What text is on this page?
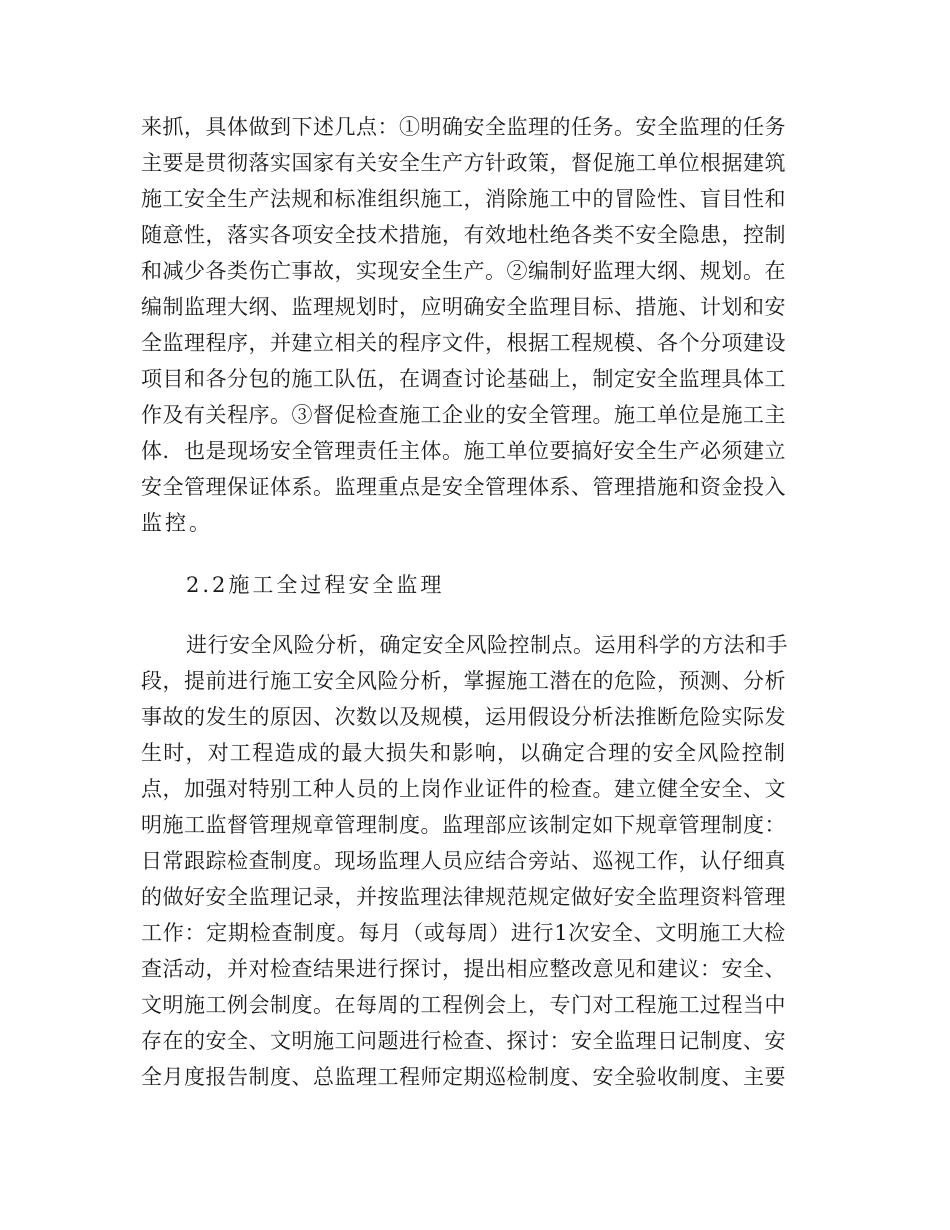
来抓，具体做到下述几点：①明确安全监理的任务。安全监理的任务
主要是贯彻落实国家有关安全生产方针政策，督促施工单位根据建筑
施工安全生产法规和标准组织施工，消除施工中的冒险性、盲目性和
随意性，落实各项安全技术措施，有效地杜绝各类不安全隐患，控制
和减少各类伤亡事故，实现安全生产。②编制好监理大纲、规划。在
编制监理大纲、监理规划时，应明确安全监理目标、措施、计划和安
全监理程序，并建立相关的程序文件，根据工程规模、各个分项建设
项目和各分包的施工队伍，在调查讨论基础上，制定安全监理具体工
作及有关程序。③督促检查施工企业的安全管理。施工单位是施工主
体．也是现场安全管理责任主体。施工单位要搞好安全生产必须建立
安全管理保证体系。监理重点是安全管理体系、管理措施和资金投入
监控。
2.2施工全过程安全监理
进行安全风险分析，确定安全风险控制点。运用科学的方法和手
段，提前进行施工安全风险分析，掌握施工潜在的危险，预测、分析
事故的发生的原因、次数以及规模，运用假设分析法推断危险实际发
生时，对工程造成的最大损失和影响，以确定合理的安全风险控制
点，加强对特别工种人员的上岗作业证件的检查。建立健全安全、文
明施工监督管理规章管理制度。监理部应该制定如下规章管理制度：
日常跟踪检查制度。现场监理人员应结合旁站、巡视工作，认仔细真
的做好安全监理记录，并按监理法律规范规定做好安全监理资料管理
工作：定期检查制度。每月（或每周）进行1次安全、文明施工大检
查活动，并对检查结果进行探讨，提出相应整改意见和建议：安全、
文明施工例会制度。在每周的工程例会上，专门对工程施工过程当中
存在的安全、文明施工问题进行检查、探讨：安全监理日记制度、安
全月度报告制度、总监理工程师定期巡检制度、安全验收制度、主要
